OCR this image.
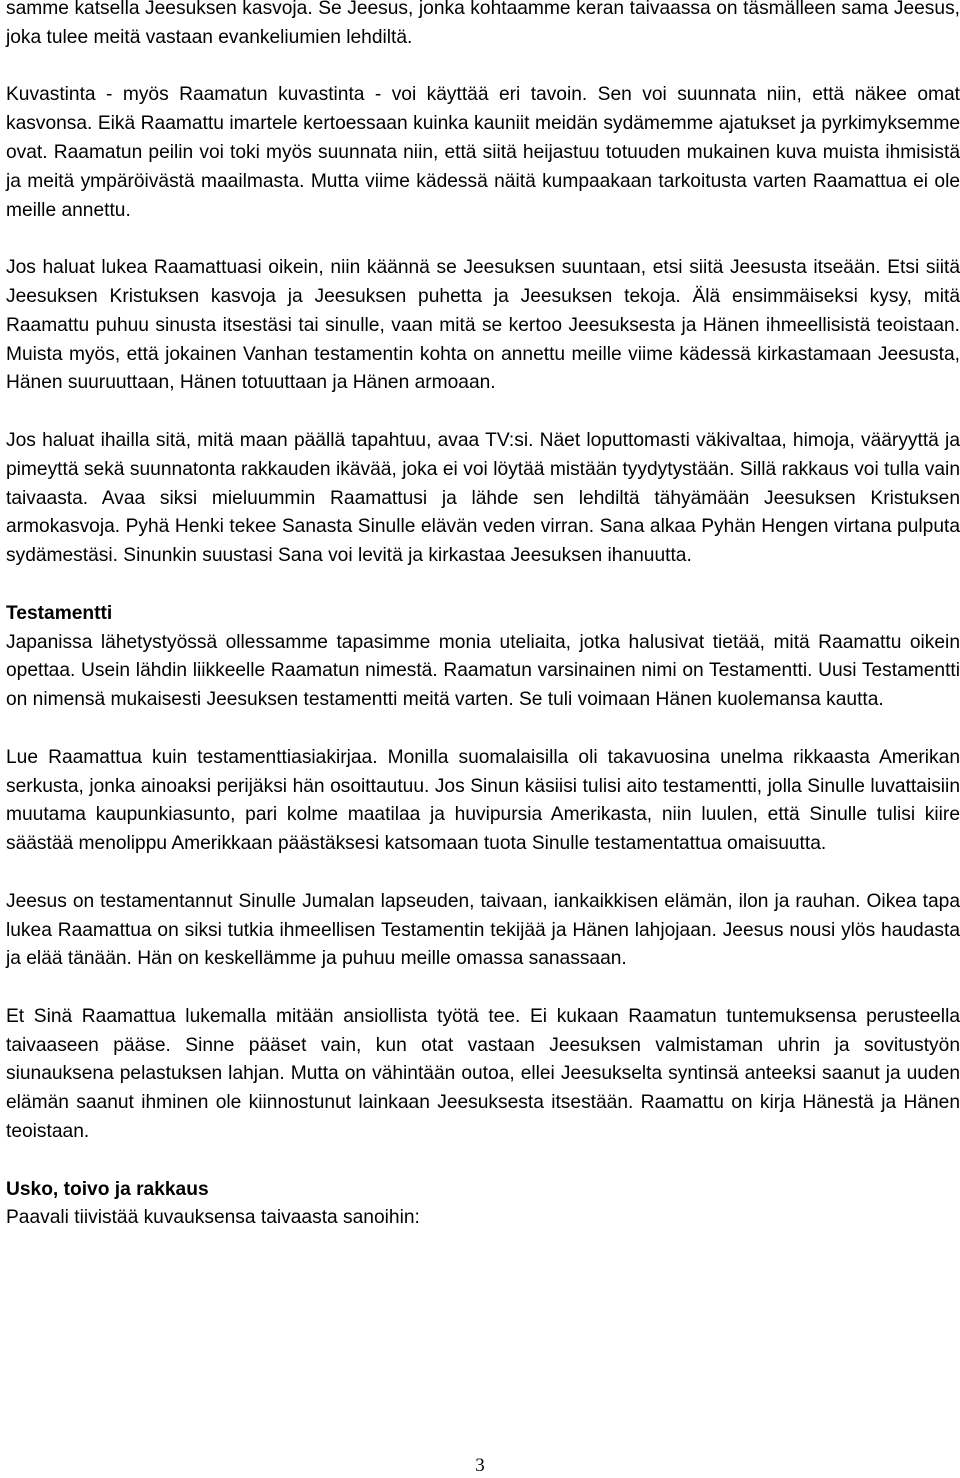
samme katsella Jeesuksen kasvoja. Se Jeesus, jonka kohtaamme keran taivaassa on täsmälleen sama Jeesus, joka tulee meitä vastaan evankeliumien lehdiltä.

Kuvastinta - myös Raamatun kuvastinta - voi käyttää eri tavoin. Sen voi suunnata niin, että näkee omat kasvonsa. Eikä Raamattu imartele kertoessaan kuinka kauniit meidän sydämemme ajatukset ja pyrkimyksemme ovat. Raamatun peilin voi toki myös suunnata niin, että siitä heijastuu totuuden mukainen kuva muista ihmisistä ja meitä ympäröivästä maailmasta. Mutta viime kädessä näitä kumpaakaan tarkoitusta varten Raamattua ei ole meille annettu.

Jos haluat lukea Raamattuasi oikein, niin käännä se Jeesuksen suuntaan, etsi siitä Jeesusta itseään. Etsi siitä Jeesuksen Kristuksen kasvoja ja Jeesuksen puhetta ja Jeesuksen tekoja. Älä ensimmäiseksi kysy, mitä Raamattu puhuu sinusta itsestäsi tai sinulle, vaan mitä se kertoo Jeesuksesta ja Hänen ihmeellisistä teoistaan. Muista myös, että jokainen Vanhan testamentin kohta on annettu meille viime kädessä kirkastamaan Jeesusta, Hänen suuruuttaan, Hänen totuuttaan ja Hänen armoaan.

Jos haluat ihailla sitä, mitä maan päällä tapahtuu, avaa TV:si. Näet loputtomasti väkivaltaa, himoja, vääryyttä ja pimeyttä sekä suunnatonta rakkauden ikävää, joka ei voi löytää mistään tyydytystään. Sillä rakkaus voi tulla vain taivaasta. Avaa siksi mieluummin Raamattusi ja lähde sen lehdiltä tähyämään Jeesuksen Kristuksen armokasvoja. Pyhä Henki tekee Sanasta Sinulle elävän veden virran. Sana alkaa Pyhän Hengen virtana pulputa sydämestäsi. Sinunkin suustasi Sana voi levitä ja kirkastaa Jeesuksen ihanuutta.

Testamentti

Japanissa lähetystyössä ollessamme tapasimme monia uteliaita, jotka halusivat tietää, mitä Raamattu oikein opettaa. Usein lähdin liikkeelle Raamatun nimestä. Raamatun varsinainen nimi on Testamentti. Uusi Testamentti on nimensä mukaisesti Jeesuksen testamentti meitä varten. Se tuli voimaan Hänen kuolemansa kautta.

Lue Raamattua kuin testamenttiasiakirjaa. Monilla suomalaisilla oli takavuosina unelma rikkaasta Amerikan serkusta, jonka ainoaksi perijäksi hän osoittautuu. Jos Sinun käsiisi tulisi aito testamentti, jolla Sinulle luvattaisiin muutama kaupunkiasunto, pari kolme maatilaa ja huvipursia Amerikasta, niin luulen, että Sinulle tulisi kiire säästää menolippu Amerikkaan päästäksesi katsomaan tuota Sinulle testamentattua omaisuutta.

Jeesus on testamentannut Sinulle Jumalan lapseuden, taivaan, iankaikkisen elämän, ilon ja rauhan. Oikea tapa lukea Raamattua on siksi tutkia ihmeellisen Testamentin tekijää ja Hänen lahjojaan. Jeesus nousi ylös haudasta ja elää tänään. Hän on keskellämme ja puhuu meille omassa sanassaan.

Et Sinä Raamattua lukemalla mitään ansiollista työtä tee. Ei kukaan Raamatun tuntemuksensa perusteella taivaaseen pääse. Sinne pääset vain, kun otat vastaan Jeesuksen valmistaman uhrin ja sovitustyön siunauksena pelastuksen lahjan. Mutta on vähintään outoa, ellei Jeesukselta syntinsä anteeksi saanut ja uuden elämän saanut ihminen ole kiinnostunut lainkaan Jeesuksesta itsestään. Raamattu on kirja Hänestä ja Hänen teoistaan.

Usko, toivo ja rakkaus

Paavali tiivistää kuvauksensa taivaasta sanoihin:

3
